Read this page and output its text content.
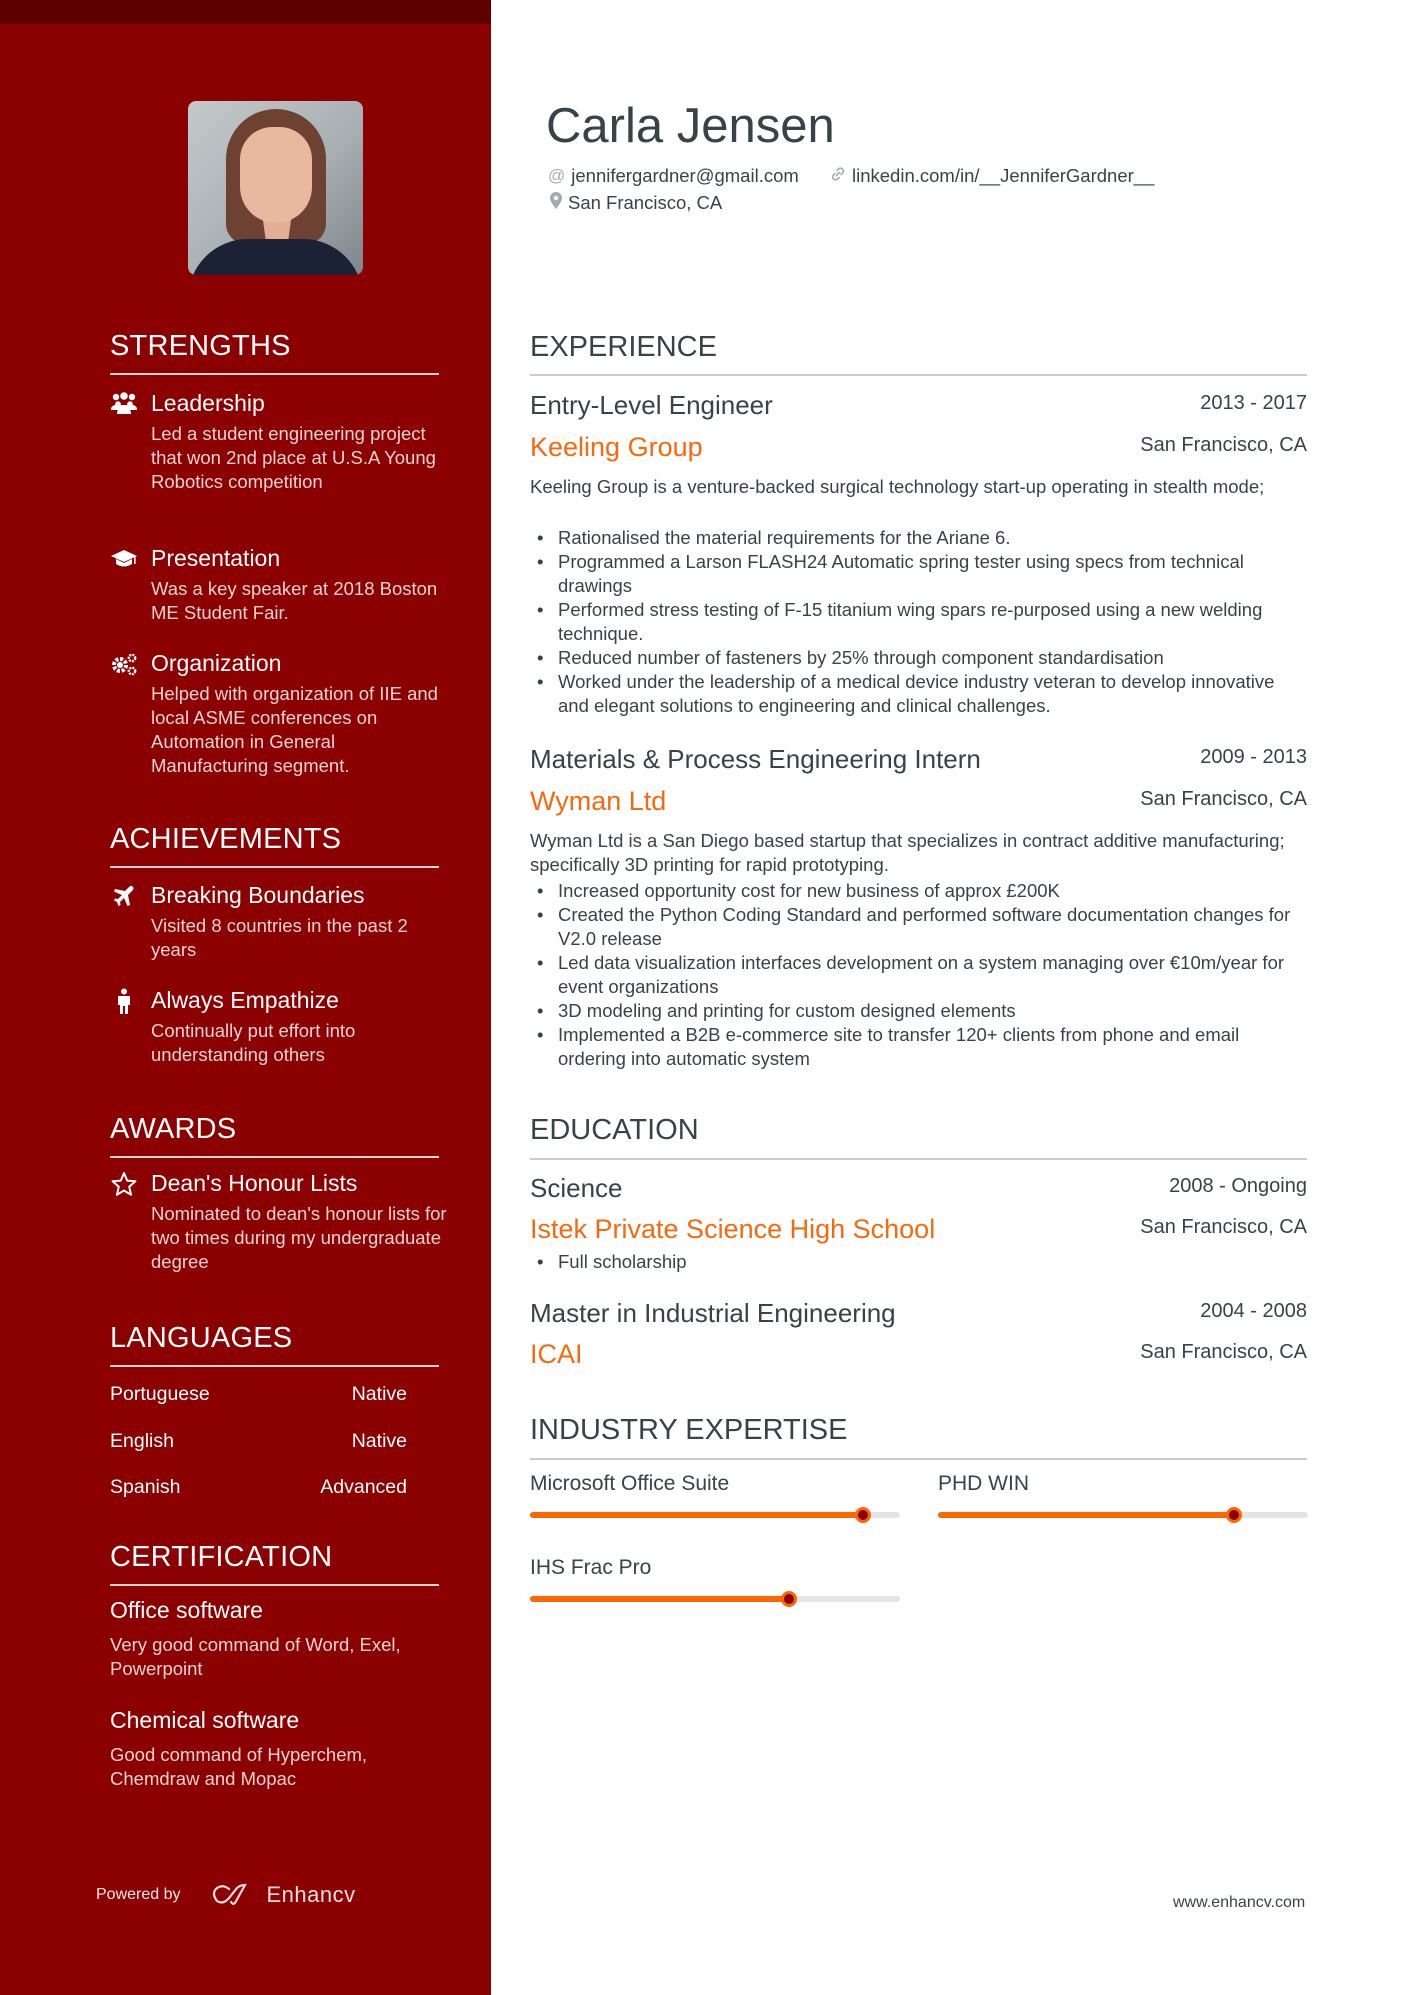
STRENGTHS
Leadership
Led a student engineering project that won 2nd place at U.S.A Young Robotics competition
Presentation
Was a key speaker at 2018 Boston ME Student Fair.
Organization
Helped with organization of IIE and local ASME conferences on Automation in General Manufacturing segment.
ACHIEVEMENTS
Breaking Boundaries
Visited 8 countries in the past 2 years
Always Empathize
Continually put effort into understanding others
AWARDS
Dean's Honour Lists
Nominated to dean's honour lists for two times during my undergraduate degree
LANGUAGES
Portuguese	Native
English	Native
Spanish	Advanced
CERTIFICATION
Office software
Very good command of Word, Exel, Powerpoint
Chemical software
Good command of Hyperchem, Chemdraw and Mopac
Powered by	Enhancv
Carla Jensen
@ jennifergardner@gmail.com	linkedin.com/in/__JenniferGardner__
San Francisco, CA
EXPERIENCE
Entry-Level Engineer	2013 - 2017
Keeling Group	San Francisco, CA
Keeling Group is a venture-backed surgical technology start-up operating in stealth mode;
• Rationalised the material requirements for the Ariane 6.
• Programmed a Larson FLASH24 Automatic spring tester using specs from technical drawings
• Performed stress testing of F-15 titanium wing spars re-purposed using a new welding technique.
• Reduced number of fasteners by 25% through component standardisation
• Worked under the leadership of a medical device industry veteran to develop innovative and elegant solutions to engineering and clinical challenges.
Materials & Process Engineering Intern	2009 - 2013
Wyman Ltd	San Francisco, CA
Wyman Ltd is a San Diego based startup that specializes in contract additive manufacturing; specifically 3D printing for rapid prototyping.
• Increased opportunity cost for new business of approx £200K
• Created the Python Coding Standard and performed software documentation changes for V2.0 release
• Led data visualization interfaces development on a system managing over €10m/year for event organizations
• 3D modeling and printing for custom designed elements
• Implemented a B2B e-commerce site to transfer 120+ clients from phone and email ordering into automatic system
EDUCATION
Science	2008 - Ongoing
Istek Private Science High School	San Francisco, CA
• Full scholarship
Master in Industrial Engineering	2004 - 2008
ICAI	San Francisco, CA
INDUSTRY EXPERTISE
Microsoft Office Suite	PHD WIN
IHS Frac Pro
www.enhancv.com
